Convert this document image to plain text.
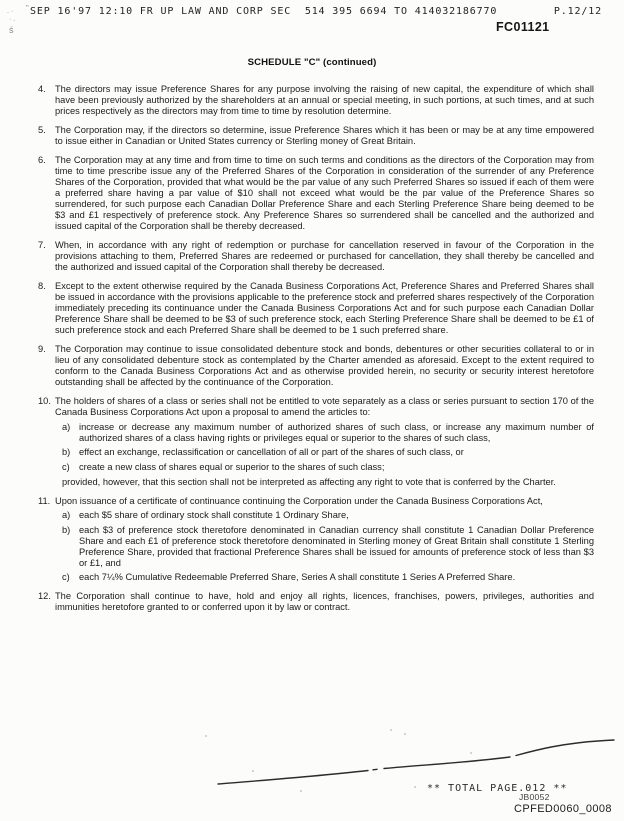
. · ”
· .
ś
SEP 16'97 12:10 FR UP LAW AND CORP SEC  514 395 6694 TO 414032186770	P.12/12
FC01121
SCHEDULE "C" (continued)
4. The directors may issue Preference Shares for any purpose involving the raising of new capital, the expenditure of which shall have been previously authorized by the shareholders at an annual or special meeting, in such portions, at such times, and at such prices respectively as the directors may from time to time by resolution determine.
5. The Corporation may, if the directors so determine, issue Preference Shares which it has been or may be at any time empowered to issue either in Canadian or United States currency or Sterling money of Great Britain.
6. The Corporation may at any time and from time to time on such terms and conditions as the directors of the Corporation may from time to time prescribe issue any of the Preferred Shares of the Corporation in consideration of the surrender of any Preference Shares of the Corporation, provided that what would be the par value of any such Preferred Shares so issued if each of them were a preferred share having a par value of $10 shall not exceed what would be the par value of the Preference Shares so surrendered, for such purpose each Canadian Dollar Preference Share and each Sterling Preference Share being deemed to be $3 and £1 respectively of preference stock. Any Preference Shares so surrendered shall be cancelled and the authorized and issued capital of the Corporation shall be thereby decreased.
7. When, in accordance with any right of redemption or purchase for cancellation reserved in favour of the Corporation in the provisions attaching to them, Preferred Shares are redeemed or purchased for cancellation, they shall thereby be cancelled and the authorized and issued capital of the Corporation shall thereby be decreased.
8. Except to the extent otherwise required by the Canada Business Corporations Act, Preference Shares and Preferred Shares shall be issued in accordance with the provisions applicable to the preference stock and preferred shares respectively of the Corporation immediately preceding its continuance under the Canada Business Corporations Act and for such purpose each Canadian Dollar Preference Share shall be deemed to be $3 of such preference stock, each Sterling Preference Share shall be deemed to be £1 of such preference stock and each Preferred Share shall be deemed to be 1 such preferred share.
9. The Corporation may continue to issue consolidated debenture stock and bonds, debentures or other securities collateral to or in lieu of any consolidated debenture stock as contemplated by the Charter amended as aforesaid. Except to the extent required to conform to the Canada Business Corporations Act and as otherwise provided herein, no security or security interest heretofore outstanding shall be affected by the continuance of the Corporation.
10. The holders of shares of a class or series shall not be entitled to vote separately as a class or series pursuant to section 170 of the Canada Business Corporations Act upon a proposal to amend the articles to:
a) increase or decrease any maximum number of authorized shares of such class, or increase any maximum number of authorized shares of a class having rights or privileges equal or superior to the shares of such class,
b) effect an exchange, reclassification or cancellation of all or part of the shares of such class, or
c) create a new class of shares equal or superior to the shares of such class;
provided, however, that this section shall not be interpreted as affecting any right to vote that is conferred by the Charter.
11. Upon issuance of a certificate of continuance continuing the Corporation under the Canada Business Corporations Act,
a) each $5 share of ordinary stock shall constitute 1 Ordinary Share,
b) each $3 of preference stock theretofore denominated in Canadian currency shall constitute 1 Canadian Dollar Preference Share and each £1 of preference stock theretofore denominated in Sterling money of Great Britain shall constitute 1 Sterling Preference Share, provided that fractional Preference Shares shall be issued for amounts of preference stock of less than $3 or £1, and
c) each 7¼% Cumulative Redeemable Preferred Share, Series A shall constitute 1 Series A Preferred Share.
12. The Corporation shall continue to have, hold and enjoy all rights, licences, franchises, powers, privileges, authorities and immunities heretofore granted to or conferred upon it by law or contract.
** TOTAL PAGE.012 **
JB0052
CPFED0060_0008
